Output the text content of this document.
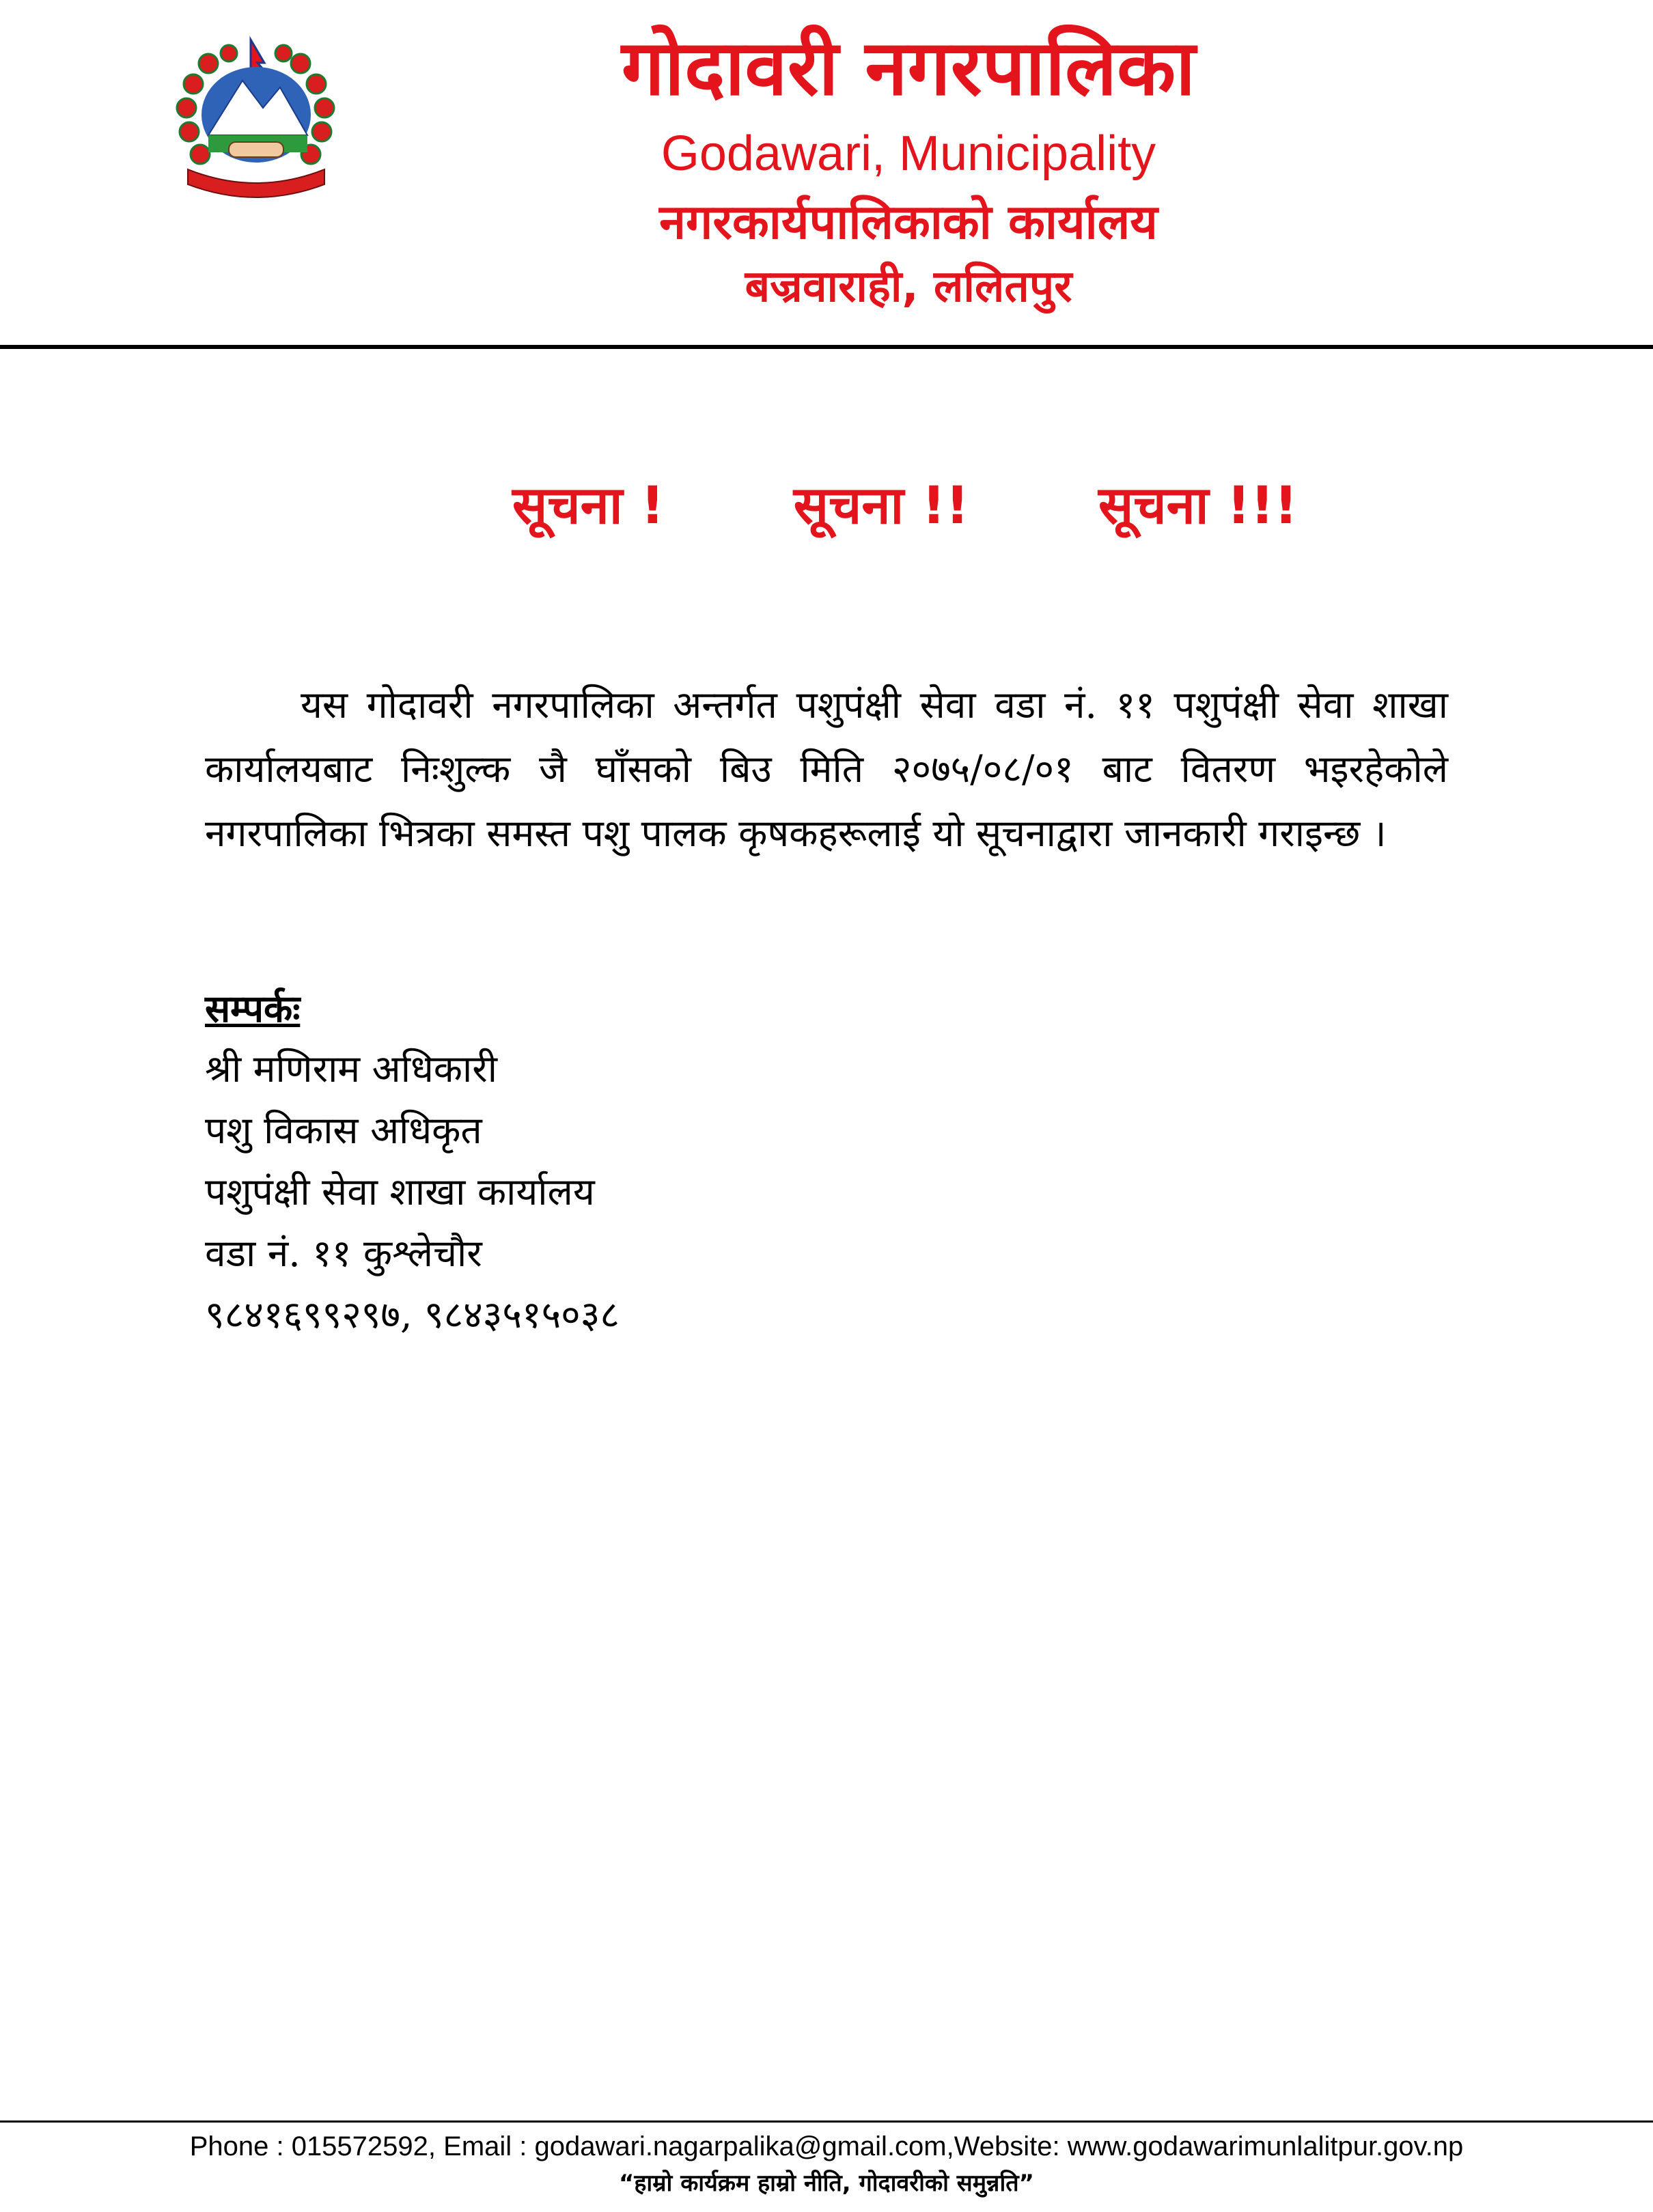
गोदावरी नगरपालिका
Godawari, Municipality
नगरकार्यपालिकाको कार्यालय
बज्रवाराही, ललितपुर
सूचना ! सूचना !! सूचना !!!

यस गोदावरी नगरपालिका अन्तर्गत पशुपंक्षी सेवा वडा नं. ११ पशुपंक्षी सेवा शाखा कार्यालयबाट निःशुल्क जै घाँसको बिउ मिति २०७५/०८/०१ बाट वितरण भइरहेकोले नगरपालिका भित्रका समस्त पशु पालक कृषकहरूलाई यो सूचनाद्वारा जानकारी गराइन्छ ।

सम्पर्कः
श्री मणिराम अधिकारी
पशु विकास अधिकृत
पशुपंक्षी सेवा शाखा कार्यालय
वडा नं. ११ कुश्लेचौर
९८४१६९९२९७, ९८४३५१५०३८
Phone : 015572592, Email : godawari.nagarpalika@gmail.com,Website: www.godawarimunlalitpur.gov.np
“हाम्रो कार्यक्रम हाम्रो नीति, गोदावरीको समुन्नति”
